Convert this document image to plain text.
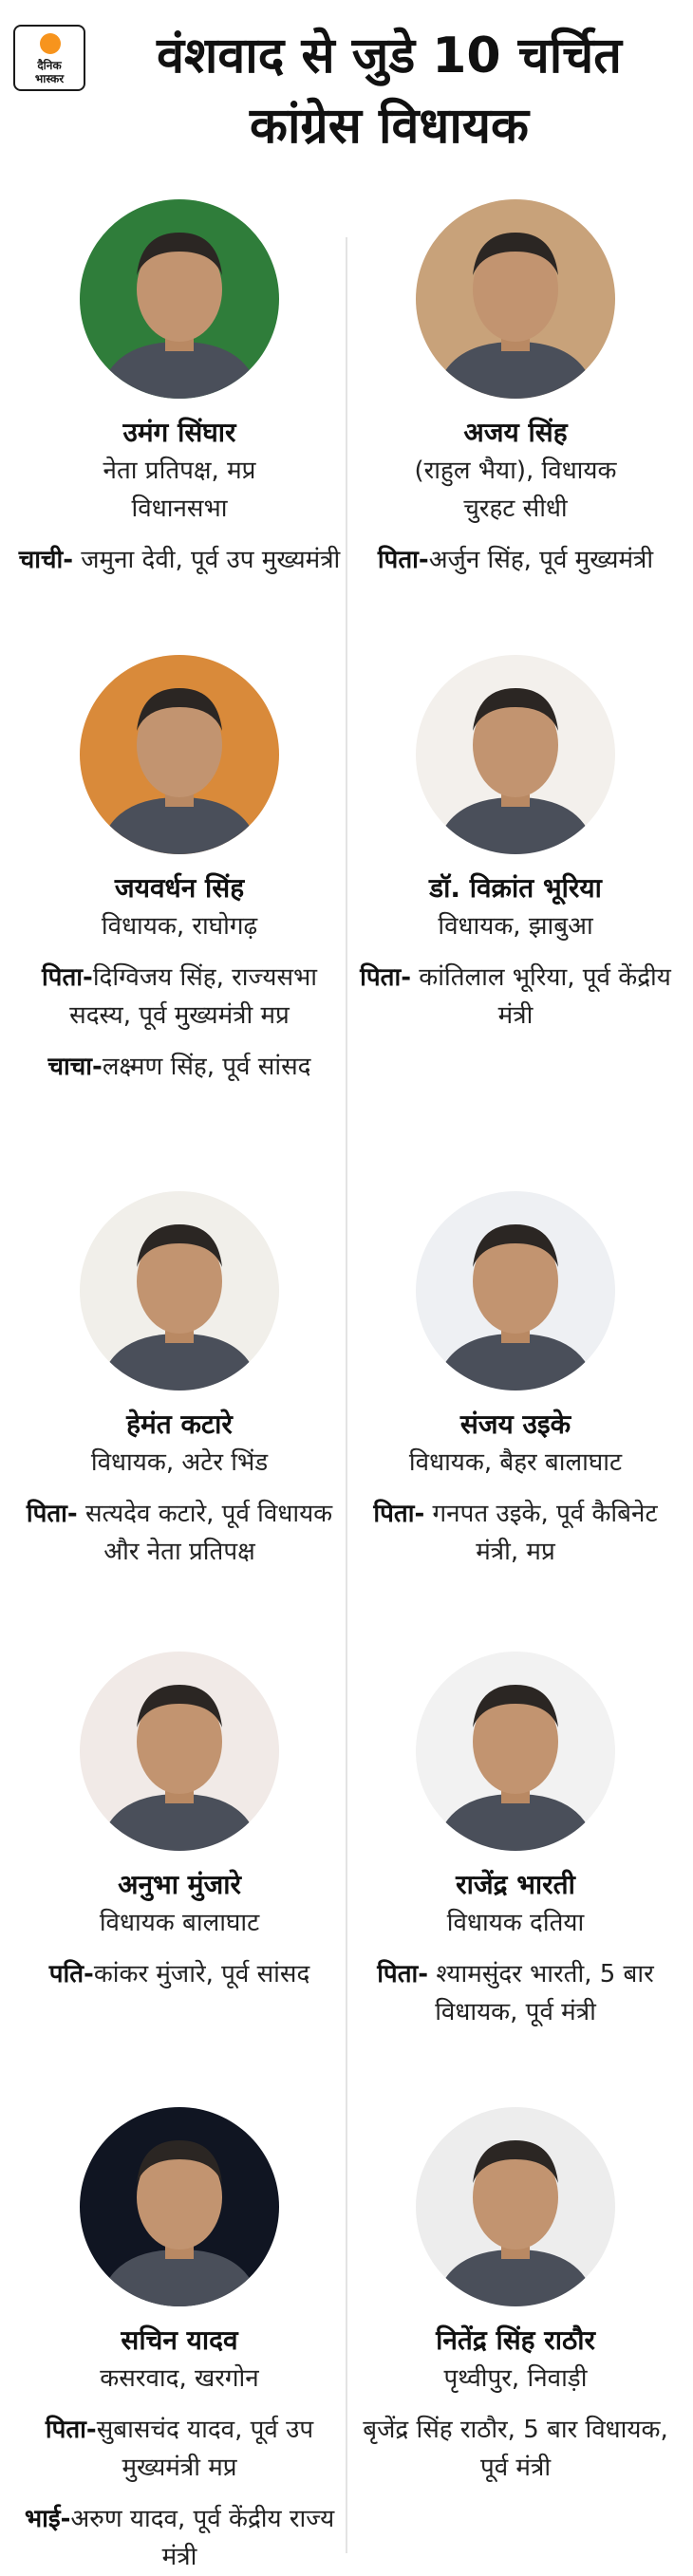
दैनिक
भास्कर	वंशवाद से जुडे 10 चर्चित
कांग्रेस विधायक
उमंग सिंघार
नेता प्रतिपक्ष, मप्र
विधानसभा
चाची- जमुना देवी, पूर्व उप मुख्यमंत्री
अजय सिंह
(राहुल भैया), विधायक
चुरहट सीधी
पिता-अर्जुन सिंह, पूर्व मुख्यमंत्री
जयवर्धन सिंह
विधायक, राघोगढ़
पिता-दिग्विजय सिंह, राज्यसभा सदस्य, पूर्व मुख्यमंत्री मप्र
चाचा-लक्ष्मण सिंह, पूर्व सांसद
डॉ. विक्रांत भूरिया
विधायक, झाबुआ
पिता- कांतिलाल भूरिया, पूर्व केंद्रीय मंत्री
हेमंत कटारे
विधायक, अटेर भिंड
पिता- सत्यदेव कटारे, पूर्व विधायक और नेता प्रतिपक्ष
संजय उइके
विधायक, बैहर बालाघाट
पिता- गनपत उइके, पूर्व कैबिनेट मंत्री, मप्र
अनुभा मुंजारे
विधायक बालाघाट
पति-कांकर मुंजारे, पूर्व सांसद
राजेंद्र भारती
विधायक दतिया
पिता- श्यामसुंदर भारती, 5 बार विधायक, पूर्व मंत्री
सचिन यादव
कसरवाद, खरगोन
पिता-सुबासचंद यादव, पूर्व उप मुख्यमंत्री मप्र
भाई-अरुण यादव, पूर्व केंद्रीय राज्य मंत्री
नितेंद्र सिंह राठौर
पृथ्वीपुर, निवाड़ी
बृजेंद्र सिंह राठौर, 5 बार विधायक, पूर्व मंत्री
